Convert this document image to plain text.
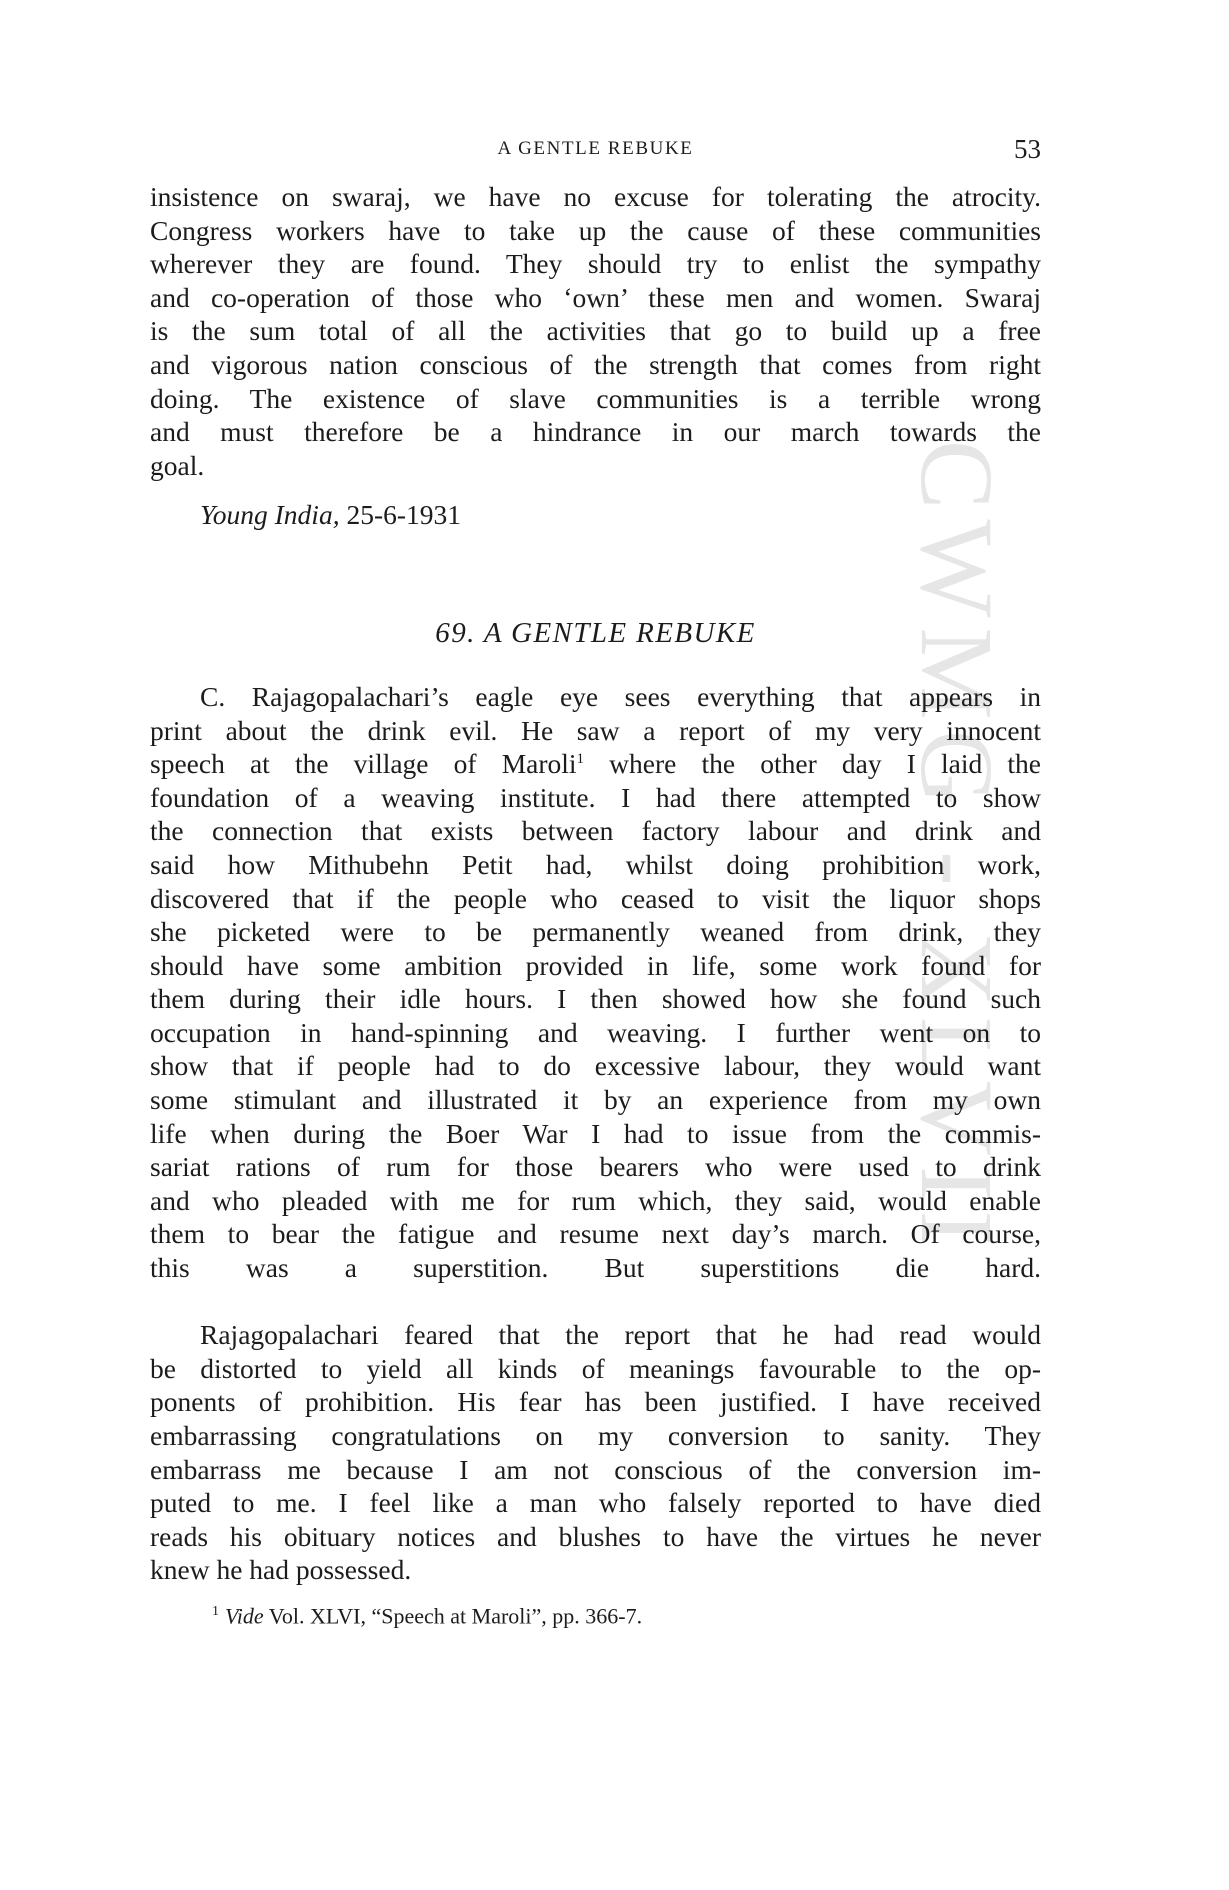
CWMG - XLVII
A GENTLE REBUKE	53
insistence on swaraj, we have no excuse for tolerating the atrocity.
Congress workers have to take up the cause of these communities
wherever they are found. They should try to enlist the sympathy
and co-operation of those who ‘own’ these men and women. Swaraj
is the sum total of all the activities that go to build up a free
and vigorous nation conscious of the strength that comes from right
doing. The existence of slave communities is a terrible wrong
and must therefore be a hindrance in our march towards the
goal.
Young India, 25-6-1931
69. A GENTLE REBUKE
C. Rajagopalachari’s eagle eye sees everything that appears in
print about the drink evil. He saw a report of my very innocent
speech at the village of Maroli$^1$ where the other day I laid the
foundation of a weaving institute. I had there attempted to show
the connection that exists between factory labour and drink and
said how Mithubehn Petit had, whilst doing prohibition work,
discovered that if the people who ceased to visit the liquor shops
she picketed were to be permanently weaned from drink, they
should have some ambition provided in life, some work found for
them during their idle hours. I then showed how she found such
occupation in hand-spinning and weaving. I further went on to
show that if people had to do excessive labour, they would want
some stimulant and illustrated it by an experience from my own
life when during the Boer War I had to issue from the commis-
sariat rations of rum for those bearers who were used to drink
and who pleaded with me for rum which, they said, would enable
them to bear the fatigue and resume next day’s march. Of course,
this was a superstition. But superstitions die hard.
Rajagopalachari feared that the report that he had read would
be distorted to yield all kinds of meanings favourable to the op-
ponents of prohibition. His fear has been justified. I have received
embarrassing congratulations on my conversion to sanity. They
embarrass me because I am not conscious of the conversion im-
puted to me. I feel like a man who falsely reported to have died
reads his obituary notices and blushes to have the virtues he never
knew he had possessed.
$^1$ Vide Vol. XLVI, “Speech at Maroli”, pp. 366-7.
